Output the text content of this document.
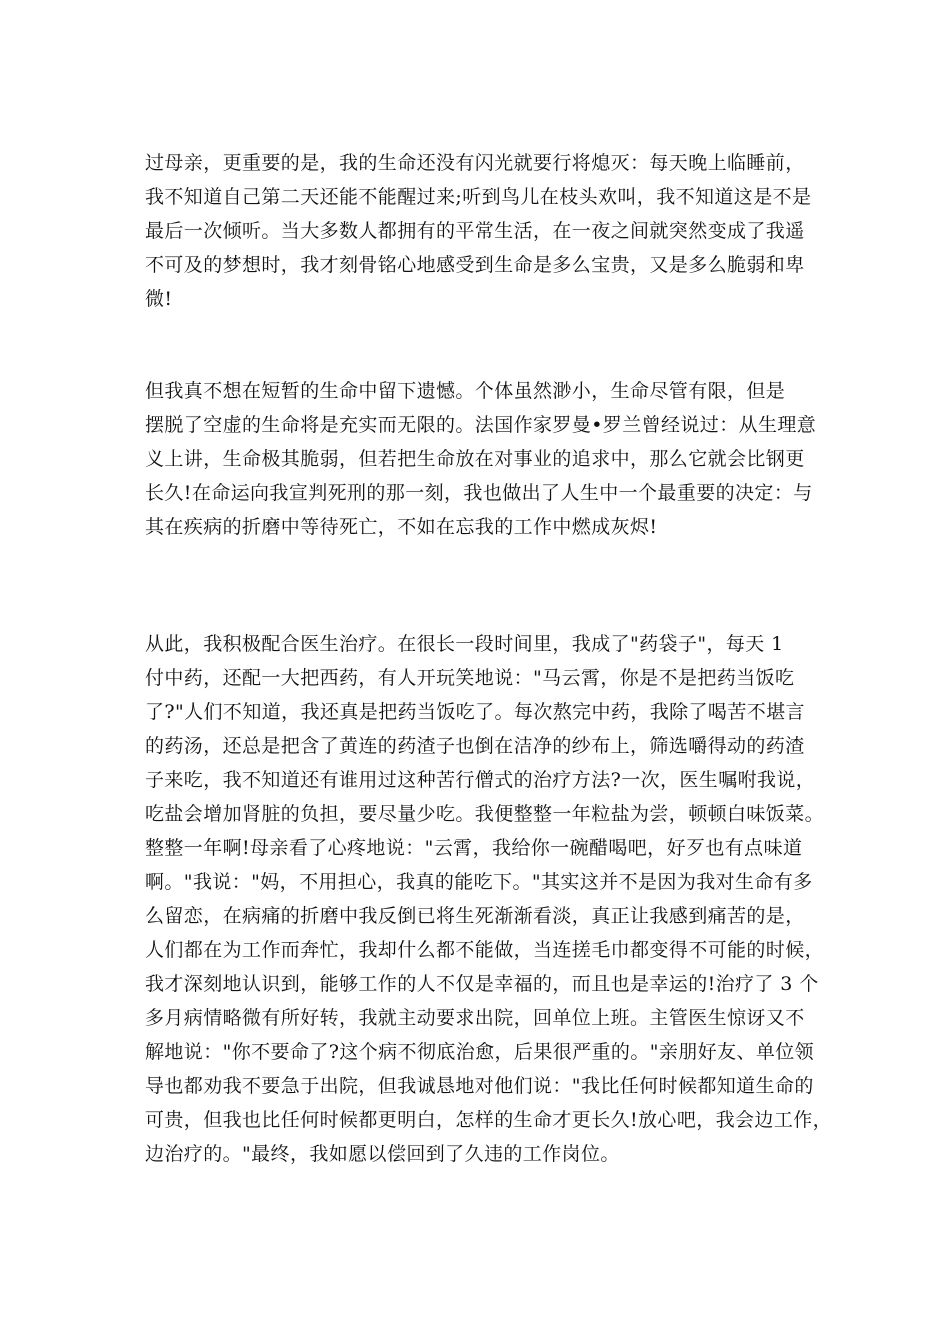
过母亲，更重要的是，我的生命还没有闪光就要行将熄灭：每天晚上临睡前，
我不知道自己第二天还能不能醒过来;听到鸟儿在枝头欢叫，我不知道这是不是
最后一次倾听。当大多数人都拥有的平常生活，在一夜之间就突然变成了我遥
不可及的梦想时，我才刻骨铭心地感受到生命是多么宝贵，又是多么脆弱和卑
微!
但我真不想在短暂的生命中留下遗憾。个体虽然渺小，生命尽管有限，但是
摆脱了空虚的生命将是充实而无限的。法国作家罗曼•罗兰曾经说过：从生理意
义上讲，生命极其脆弱，但若把生命放在对事业的追求中，那么它就会比钢更
长久!在命运向我宣判死刑的那一刻，我也做出了人生中一个最重要的决定：与
其在疾病的折磨中等待死亡，不如在忘我的工作中燃成灰烬!
从此，我积极配合医生治疗。在很长一段时间里，我成了"药袋子"，每天 1
付中药，还配一大把西药，有人开玩笑地说："马云霄，你是不是把药当饭吃
了?"人们不知道，我还真是把药当饭吃了。每次熬完中药，我除了喝苦不堪言
的药汤，还总是把含了黄连的药渣子也倒在洁净的纱布上，筛选嚼得动的药渣
子来吃，我不知道还有谁用过这种苦行僧式的治疗方法?一次，医生嘱咐我说，
吃盐会增加肾脏的负担，要尽量少吃。我便整整一年粒盐为尝，顿顿白味饭菜。
整整一年啊!母亲看了心疼地说："云霄，我给你一碗醋喝吧，好歹也有点味道
啊。"我说："妈，不用担心，我真的能吃下。"其实这并不是因为我对生命有多
么留恋，在病痛的折磨中我反倒已将生死渐渐看淡，真正让我感到痛苦的是，
人们都在为工作而奔忙，我却什么都不能做，当连搓毛巾都变得不可能的时候，
我才深刻地认识到，能够工作的人不仅是幸福的，而且也是幸运的!治疗了 3 个
多月病情略微有所好转，我就主动要求出院，回单位上班。主管医生惊讶又不
解地说："你不要命了?这个病不彻底治愈，后果很严重的。"亲朋好友、单位领
导也都劝我不要急于出院，但我诚恳地对他们说："我比任何时候都知道生命的
可贵，但我也比任何时候都更明白，怎样的生命才更长久!放心吧，我会边工作，
边治疗的。"最终，我如愿以偿回到了久违的工作岗位。
